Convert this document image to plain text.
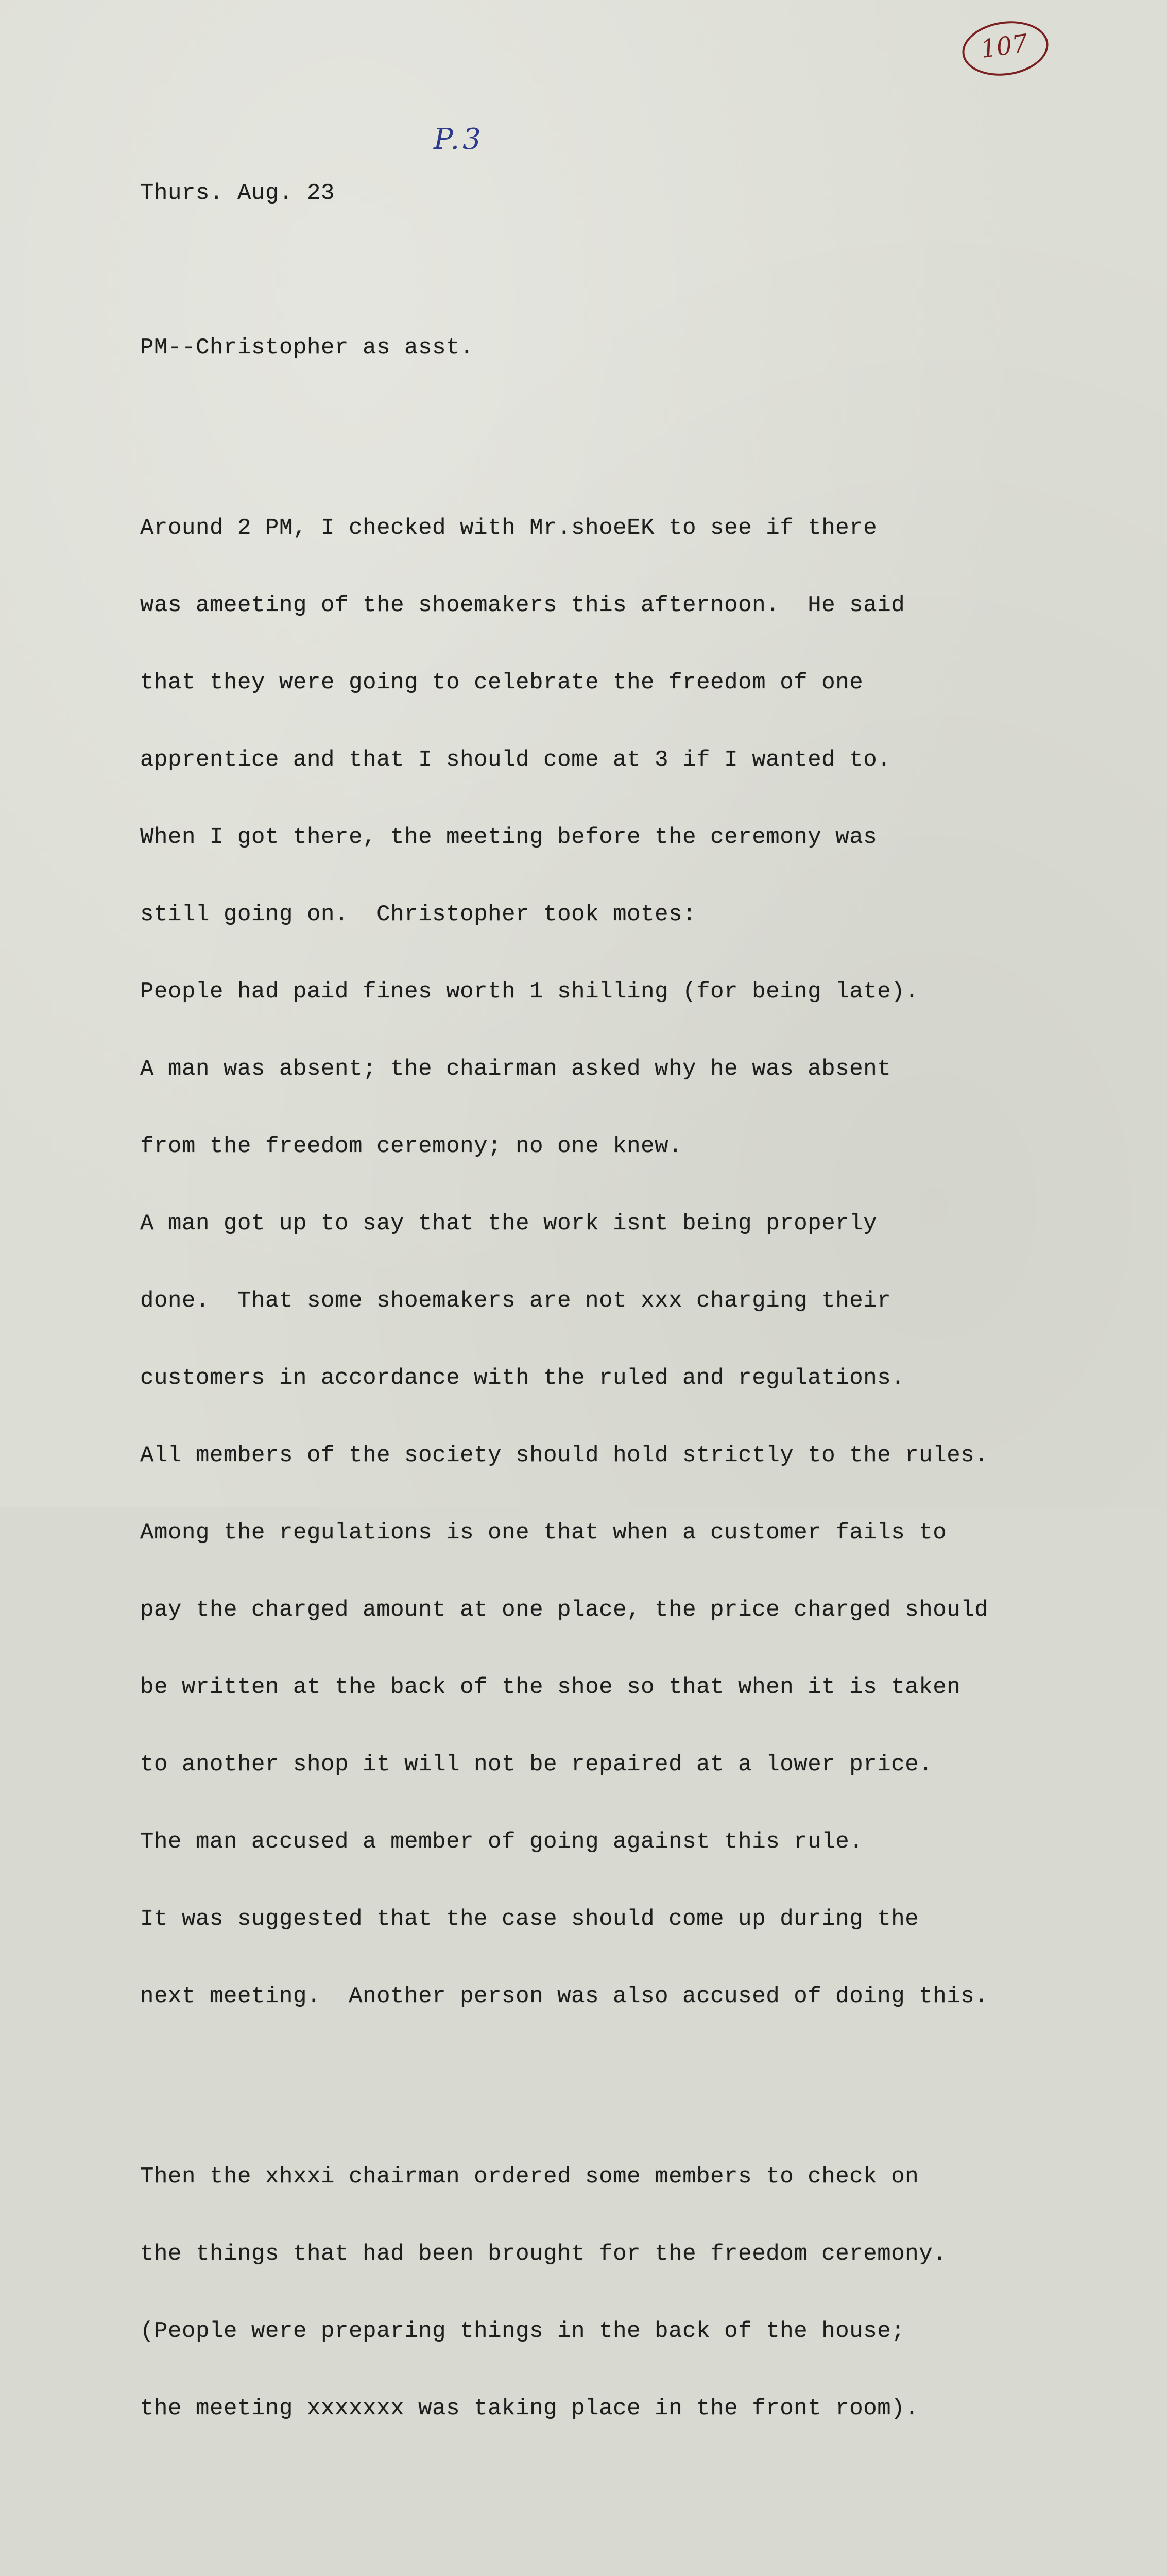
107
P.3

Thurs. Aug. 23

PM--Christopher as asst.

Around 2 PM, I checked with Mr.shoeEK to see if there

was ameeting of the shoemakers this afternoon.  He said

that they were going to celebrate the freedom of one

apprentice and that I should come at 3 if I wanted to.

When I got there, the meeting before the ceremony was

still going on.  Christopher took motes:

People had paid fines worth 1 shilling (for being late).

A man was absent; the chairman asked why he was absent

from the freedom ceremony; no one knew.

A man got up to say that the work isnt being properly

done.  That some shoemakers are not xxx charging their

customers in accordance with the ruled and regulations.

All members of the society should hold strictly to the rules.

Among the regulations is one that when a customer fails to

pay the charged amount at one place, the price charged should

be written at the back of the shoe so that when it is taken

to another shop it will not be repaired at a lower price.

The man accused a member of going against this rule.

It was suggested that the case should come up during the

next meeting.  Another person was also accused of doing this.

Then the xhxxi chairman ordered some members to check on

the things that had been brought for the freedom ceremony.

(People were preparing things in the back of the house;

the meeting xxxxxxx was taking place in the front room).
